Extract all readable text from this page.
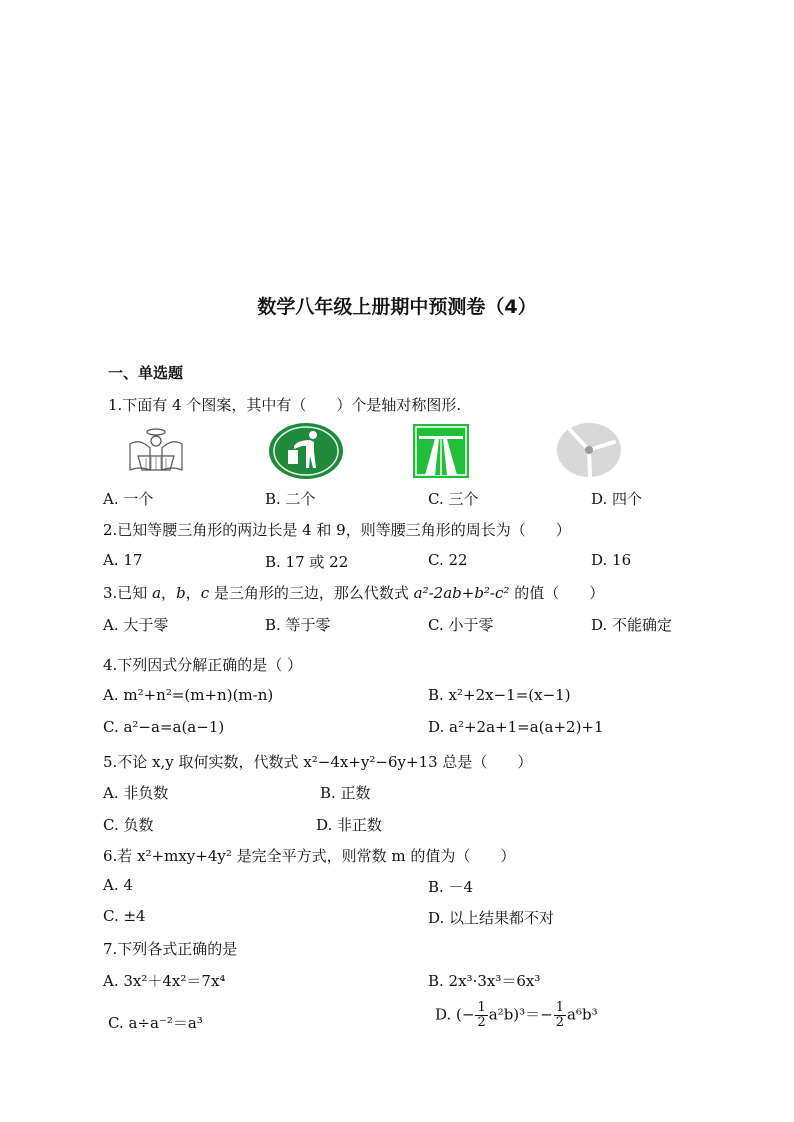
数学八年级上册期中预测卷（4）
一、单选题
1.下面有 4 个图案，其中有（　　）个是轴对称图形.
A. 一个	B. 二个	C. 三个	D. 四个
2.已知等腰三角形的两边长是 4 和 9，则等腰三角形的周长为（　　）
A. 17	B. 17 或 22	C. 22	D. 16
3.已知 a，b，c 是三角形的三边，那么代数式 a²-2ab+b²-c² 的值（　　）
A. 大于零	B. 等于零	C. 小于零	D. 不能确定
4.下列因式分解正确的是（ ）
A. m²+n²=(m+n)(m-n)	B. x²+2x−1=(x−1)
C. a²−a=a(a−1)	D. a²+2a+1=a(a+2)+1
5.不论 x,y 取何实数，代数式 x²−4x+y²−6y+13 总是（　　）
A. 非负数	B. 正数
C. 负数	D. 非正数
6.若 x²+mxy+4y² 是完全平方式，则常数 m 的值为（　　）
A. 4	B. －4
C. ±4	D. 以上结果都不对
7.下列各式正确的是
A. 3x²＋4x²＝7x⁴	B. 2x³·3x³＝6x³
C. a÷a⁻²＝a³	D. (− $\frac{1}{2} a^2b)^3=- \frac{1}{2} a^6b^3$
